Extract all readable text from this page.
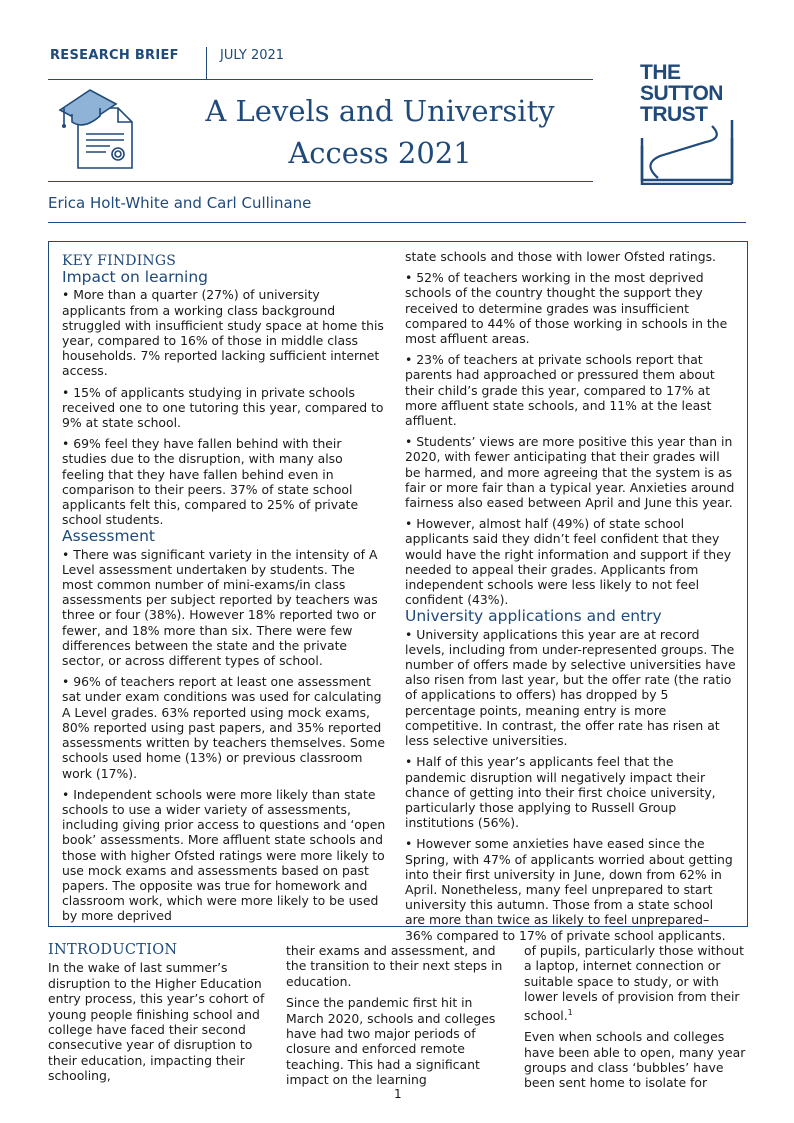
RESEARCH BRIEF	JULY 2021
A Levels and University
Access 2021
THE
SUTTON
TRUST
Erica Holt-White and Carl Cullinane
KEY FINDINGS
Impact on learning

• More than a quarter (27%) of university applicants from a working class background struggled with insufficient study space at home this year, compared to 16% of those in middle class households. 7% reported lacking sufficient internet access.

• 15% of applicants studying in private schools received one to one tutoring this year, compared to 9% at state school.

• 69% feel they have fallen behind with their studies due to the disruption, with many also feeling that they have fallen behind even in comparison to their peers. 37% of state school applicants felt this, compared to 25% of private school students.

Assessment

• There was significant variety in the intensity of A Level assessment undertaken by students. The most common number of mini-exams/in class assessments per subject reported by teachers was three or four (38%). However 18% reported two or fewer, and 18% more than six. There were few differences between the state and the private sector, or across different types of school.

• 96% of teachers report at least one assessment sat under exam conditions was used for calculating A Level grades. 63% reported using mock exams, 80% reported using past papers, and 35% reported assessments written by teachers themselves. Some schools used home (13%) or previous classroom work (17%).

• Independent schools were more likely than state schools to use a wider variety of assessments, including giving prior access to questions and ‘open book’ assessments. More affluent state schools and those with higher Ofsted ratings were more likely to use mock exams and assessments based on past papers. The opposite was true for homework and classroom work, which were more likely to be used by more deprived

state schools and those with lower Ofsted ratings.

• 52% of teachers working in the most deprived schools of the country thought the support they received to determine grades was insufficient compared to 44% of those working in schools in the most affluent areas.

• 23% of teachers at private schools report that parents had approached or pressured them about their child’s grade this year, compared to 17% at more affluent state schools, and 11% at the least affluent.

• Students’ views are more positive this year than in 2020, with fewer anticipating that their grades will be harmed, and more agreeing that the system is as fair or more fair than a typical year. Anxieties around fairness also eased between April and June this year.

• However, almost half (49%) of state school applicants said they didn’t feel confident that they would have the right information and support if they needed to appeal their grades. Applicants from independent schools were less likely to not feel confident (43%).

University applications and entry

• University applications this year are at record levels, including from under-represented groups. The number of offers made by selective universities have also risen from last year, but the offer rate (the ratio of applications to offers) has dropped by 5 percentage points, meaning entry is more competitive. In contrast, the offer rate has risen at less selective universities.

• Half of this year’s applicants feel that the pandemic disruption will negatively impact their chance of getting into their first choice university, particularly those applying to Russell Group institutions (56%).

• However some anxieties have eased since the Spring, with 47% of applicants worried about getting into their first university in June, down from 62% in April. Nonetheless, many feel unprepared to start university this autumn. Those from a state school are more than twice as likely to feel unprepared– 36% compared to 17% of private school applicants.

INTRODUCTION

In the wake of last summer’s disruption to the Higher Education entry process, this year’s cohort of young people finishing school and college have faced their second consecutive year of disruption to their education, impacting their schooling,

their exams and assessment, and the transition to their next steps in education.

Since the pandemic first hit in March 2020, schools and colleges have had two major periods of closure and enforced remote teaching. This had a significant impact on the learning

of pupils, particularly those without a laptop, internet connection or suitable space to study, or with lower levels of provision from their school.$^1$

Even when schools and colleges have been able to open, many year groups and class ‘bubbles’ have been sent home to isolate for

1
